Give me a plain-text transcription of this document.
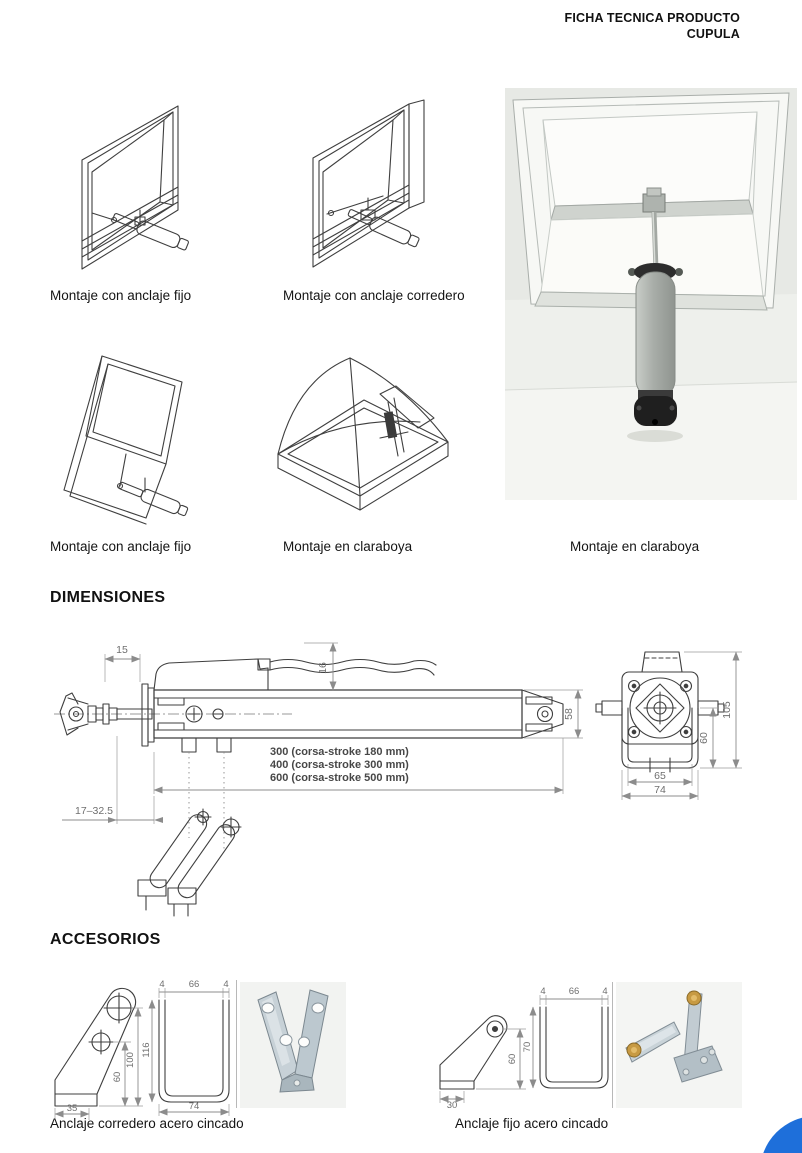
FICHA TECNICA PRODUCTO
CUPULA
Montaje con anclaje fijo	Montaje con anclaje corredero
Montaje con anclaje fijo	Montaje en claraboya	Montaje en claraboya
DIMENSIONES
15
16
58
300 (corsa-stroke 180 mm)
400 (corsa-stroke 300 mm)
600 (corsa-stroke 500 mm)
17–32.5
105
60
65
74
ACCESORIOS
100
60
35
4	66	4
116
74
60
30
4 66 4
70
Anclaje corredero acero cincado	Anclaje fijo acero cincado
